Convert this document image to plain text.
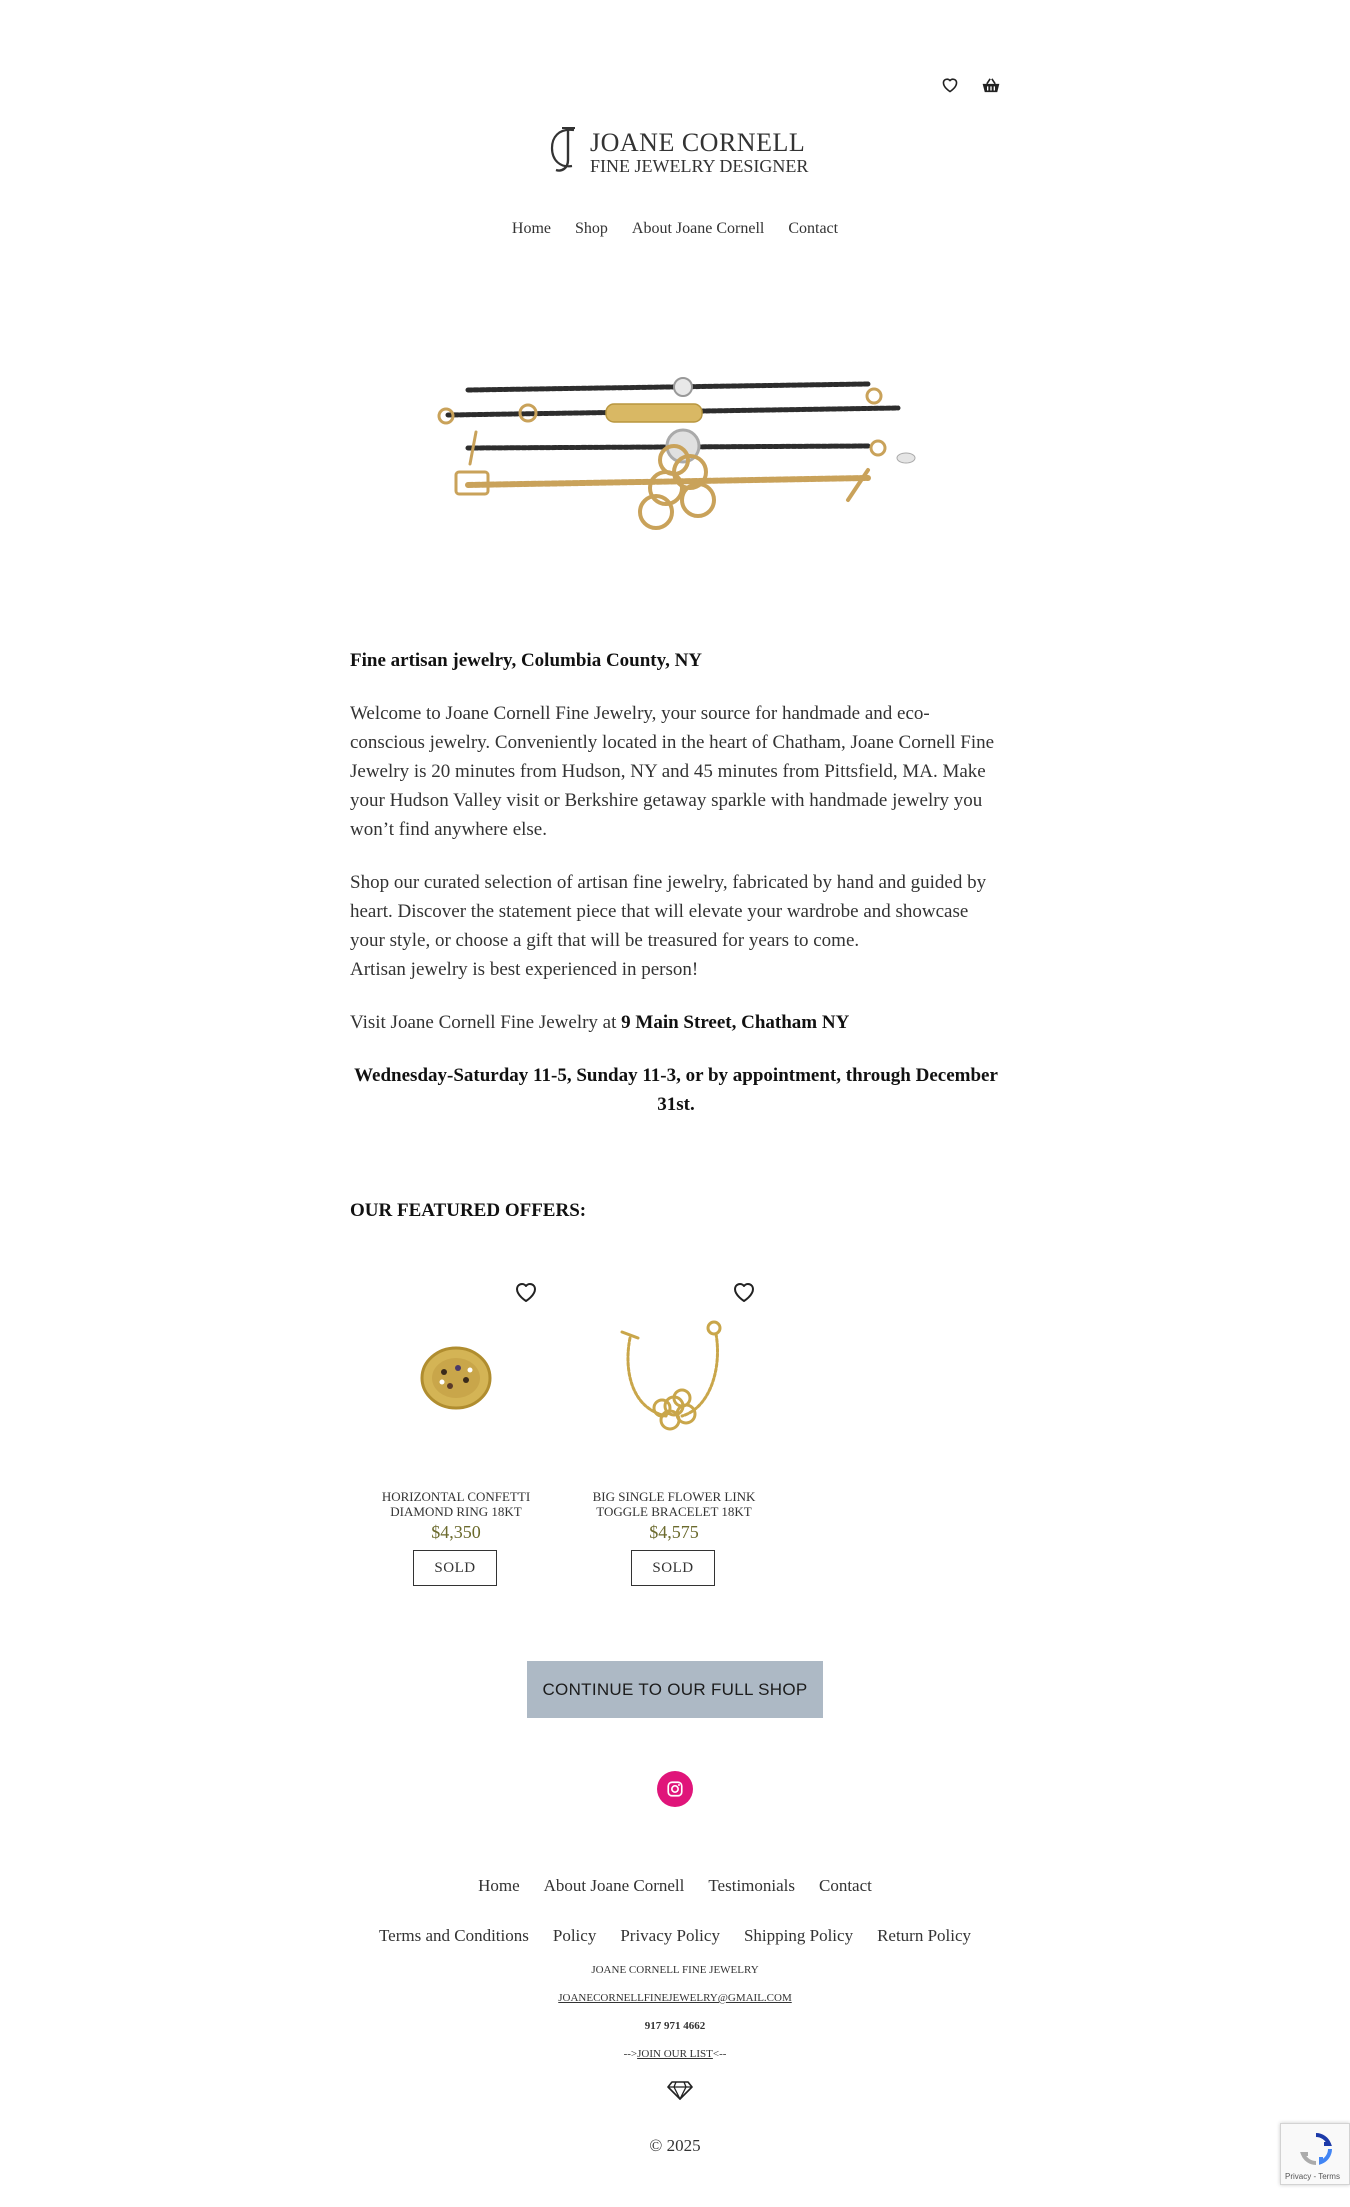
JOANE CORNELL
FINE JEWELRY DESIGNER
Home Shop About Joane Cornell Contact

Fine artisan jewelry, Columbia County, NY

Welcome to Joane Cornell Fine Jewelry, your source for handmade and eco-conscious jewelry. Conveniently located in the heart of Chatham, Joane Cornell Fine Jewelry is 20 minutes from Hudson, NY and 45 minutes from Pittsfield, MA. Make your Hudson Valley visit or Berkshire getaway sparkle with handmade jewelry you won’t find anywhere else.

Shop our curated selection of artisan fine jewelry, fabricated by hand and guided by heart. Discover the statement piece that will elevate your wardrobe and showcase your style, or choose a gift that will be treasured for years to come.

Artisan jewelry is best experienced in person!

Visit Joane Cornell Fine Jewelry at 9 Main Street, Chatham NY

Wednesday-Saturday 11-5, Sunday 11-3, or by appointment, through December 31st.

OUR FEATURED OFFERS:
HORIZONTAL CONFETTI DIAMOND RING 18KT
$4,350
SOLD
BIG SINGLE FLOWER LINK TOGGLE BRACELET 18KT
$4,575
SOLD
CONTINUE TO OUR FULL SHOP
Home About Joane Cornell Testimonials Contact
Terms and Conditions Policy Privacy Policy Shipping Policy Return Policy
JOANE CORNELL FINE JEWELRY
JOANECORNELLFINEJEWELRY@GMAIL.COM
917 971 4662
-->JOIN OUR LIST<--
© 2025
Privacy - Terms
